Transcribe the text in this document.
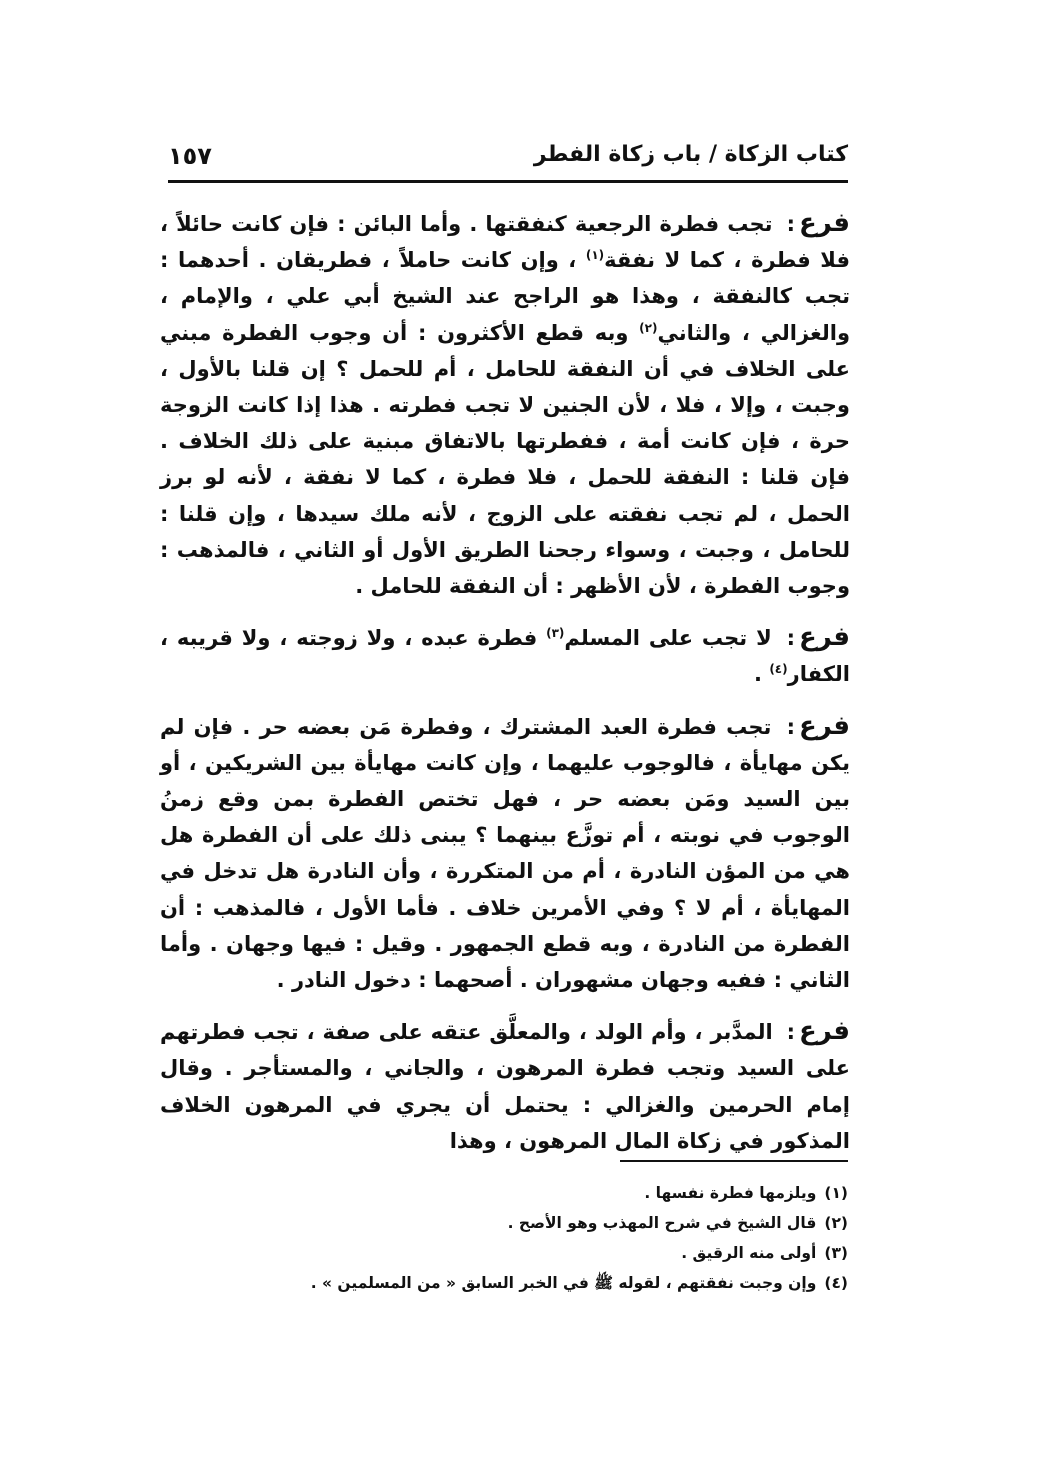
كتاب الزكاة / باب زكاة الفطر
١٥٧

فرع: تجب فطرة الرجعية كنفقتها . وأما البائن : فإن كانت حائلاً ، فلا فطرة ، كما لا نفقة$^{(١)}$ ، وإن كانت حاملاً ، فطريقان . أحدهما : تجب كالنفقة ، وهذا هو الراجح عند الشيخ أبي علي ، والإمام ، والغزالي ، والثاني$^{(٢)}$ وبه قطع الأكثرون : أن وجوب الفطرة مبني على الخلاف في أن النفقة للحامل ، أم للحمل ؟ إن قلنا بالأول ، وجبت ، وإلا ، فلا ، لأن الجنين لا تجب فطرته . هذا إذا كانت الزوجة حرة ، فإن كانت أمة ، ففطرتها بالاتفاق مبنية على ذلك الخلاف . فإن قلنا : النفقة للحمل ، فلا فطرة ، كما لا نفقة ، لأنه لو برز الحمل ، لم تجب نفقته على الزوج ، لأنه ملك سيدها ، وإن قلنا : للحامل ، وجبت ، وسواء رجحنا الطريق الأول أو الثاني ، فالمذهب : وجوب الفطرة ، لأن الأظهر : أن النفقة للحامل .

فرع: لا تجب على المسلم$^{(٣)}$ فطرة عبده ، ولا زوجته ، ولا قريبه ، الكفار$^{(٤)}$ .

فرع: تجب فطرة العبد المشترك ، وفطرة مَن بعضه حر . فإن لم يكن مهايأة ، فالوجوب عليهما ، وإن كانت مهايأة بين الشريكين ، أو بين السيد ومَن بعضه حر ، فهل تختص الفطرة بمن وقع زمنُ الوجوب في نوبته ، أم توزَّع بينهما ؟ يبنى ذلك على أن الفطرة هل هي من المؤن النادرة ، أم من المتكررة ، وأن النادرة هل تدخل في المهايأة ، أم لا ؟ وفي الأمرين خلاف . فأما الأول ، فالمذهب : أن الفطرة من النادرة ، وبه قطع الجمهور . وقيل : فيها وجهان . وأما الثاني : ففيه وجهان مشهوران . أصحهما : دخول النادر .

فرع: المدَّبر ، وأم الولد ، والمعلَّق عتقه على صفة ، تجب فطرتهم على السيد وتجب فطرة المرهون ، والجاني ، والمستأجر . وقال إمام الحرمين والغزالي : يحتمل أن يجري في المرهون الخلاف المذكور في زكاة المال المرهون ، وهذا

(١)ويلزمها فطرة نفسها .
(٢)قال الشيخ في شرح المهذب وهو الأصح .
(٣)أولى منه الرقيق .
(٤)وإن وجبت نفقتهم ، لقوله ﷺ في الخبر السابق « من المسلمين » .
